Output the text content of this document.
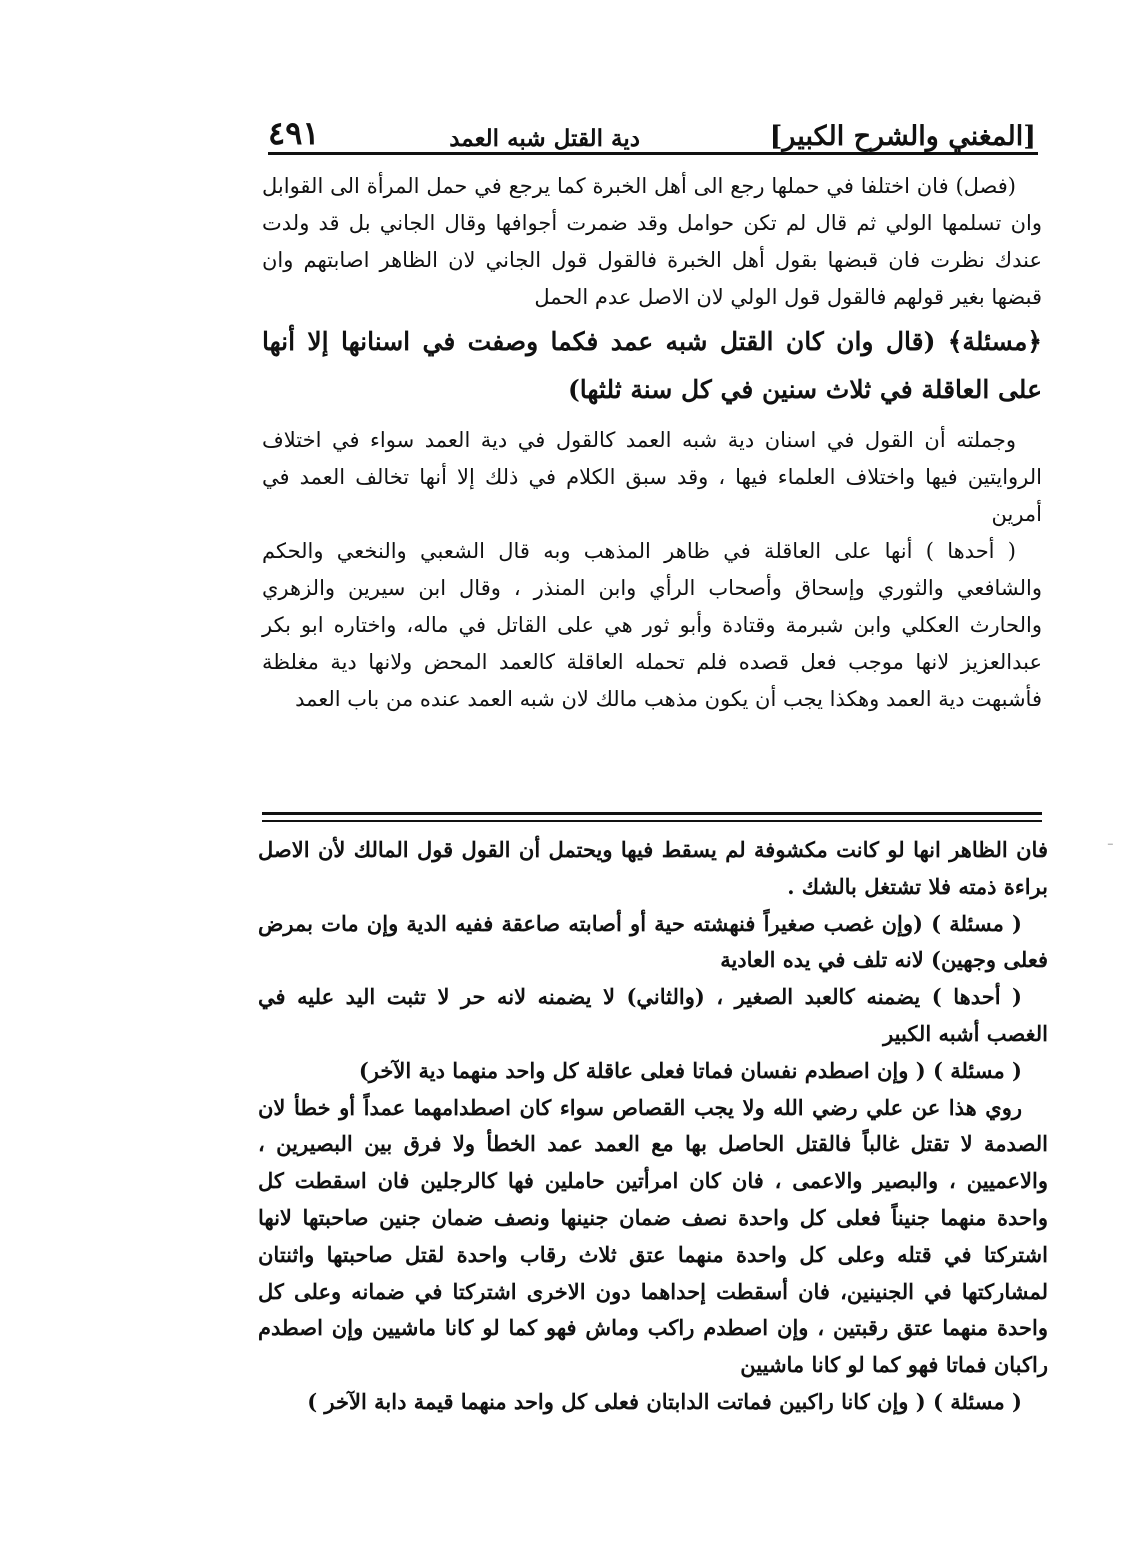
[المغني والشرح الكبير]
دية القتل شبه العمد
٤٩١

(فصل) فان اختلفا في حملها رجع الى أهل الخبرة كما يرجع في حمل المرأة الى القوابل وان تسلمها الولي ثم قال لم تكن حوامل وقد ضمرت أجوافها وقال الجاني بل قد ولدت عندك نظرت فان قبضها بقول أهل الخبرة فالقول قول الجاني لان الظاهر اصابتهم وان قبضها بغير قولهم فالقول قول الولي لان الاصل عدم الحمل

﴿مسئلة﴾ (قال وان كان القتل شبه عمد فكما وصفت في اسنانها إلا أنها على العاقلة في ثلاث سنين في كل سنة ثلثها)

وجملته أن القول في اسنان دية شبه العمد كالقول في دية العمد سواء في اختلاف الروايتين فيها واختلاف العلماء فيها ، وقد سبق الكلام في ذلك إلا أنها تخالف العمد في أمرين

( أحدها ) أنها على العاقلة في ظاهر المذهب وبه قال الشعبي والنخعي والحكم والشافعي والثوري وإسحاق وأصحاب الرأي وابن المنذر ، وقال ابن سيرين والزهري والحارث العكلي وابن شبرمة وقتادة وأبو ثور هي على القاتل في ماله، واختاره ابو بكر عبدالعزيز لانها موجب فعل قصده فلم تحمله العاقلة كالعمد المحض ولانها دية مغلظة فأشبهت دية العمد وهكذا يجب أن يكون مذهب مالك لان شبه العمد عنده من باب العمد

ـ

فان الظاهر انها لو كانت مكشوفة لم يسقط فيها ويحتمل أن القول قول المالك لأن الاصل براءة ذمته فلا تشتغل بالشك .

( مسئلة ) (وإن غصب صغيراً فنهشته حية أو أصابته صاعقة ففيه الدية وإن مات بمرض فعلى وجهين) لانه تلف في يده العادية

( أحدها ) يضمنه كالعبد الصغير ، (والثاني) لا يضمنه لانه حر لا تثبت اليد عليه في الغصب أشبه الكبير

( مسئلة ) ( وإن اصطدم نفسان فماتا فعلى عاقلة كل واحد منهما دية الآخر)

روي هذا عن علي رضي الله ولا يجب القصاص سواء كان اصطدامهما عمداً أو خطأ لان الصدمة لا تقتل غالباً فالقتل الحاصل بها مع العمد عمد الخطأ ولا فرق بين البصيرين ، والاعميين ، والبصير والاعمى ، فان كان امرأتين حاملين فها كالرجلين فان اسقطت كل واحدة منهما جنيناً فعلى كل واحدة نصف ضمان جنينها ونصف ضمان جنين صاحبتها لانها اشتركتا في قتله وعلى كل واحدة منهما عتق ثلاث رقاب واحدة لقتل صاحبتها واثنتان لمشاركتها في الجنينين، فان أسقطت إحداهما دون الاخرى اشتركتا في ضمانه وعلى كل واحدة منهما عتق رقبتين ، وإن اصطدم راكب وماش فهو كما لو كانا ماشيين وإن اصطدم راكبان فماتا فهو كما لو كانا ماشيين

( مسئلة ) ( وإن كانا راكبين فماتت الدابتان فعلى كل واحد منهما قيمة دابة الآخر )
